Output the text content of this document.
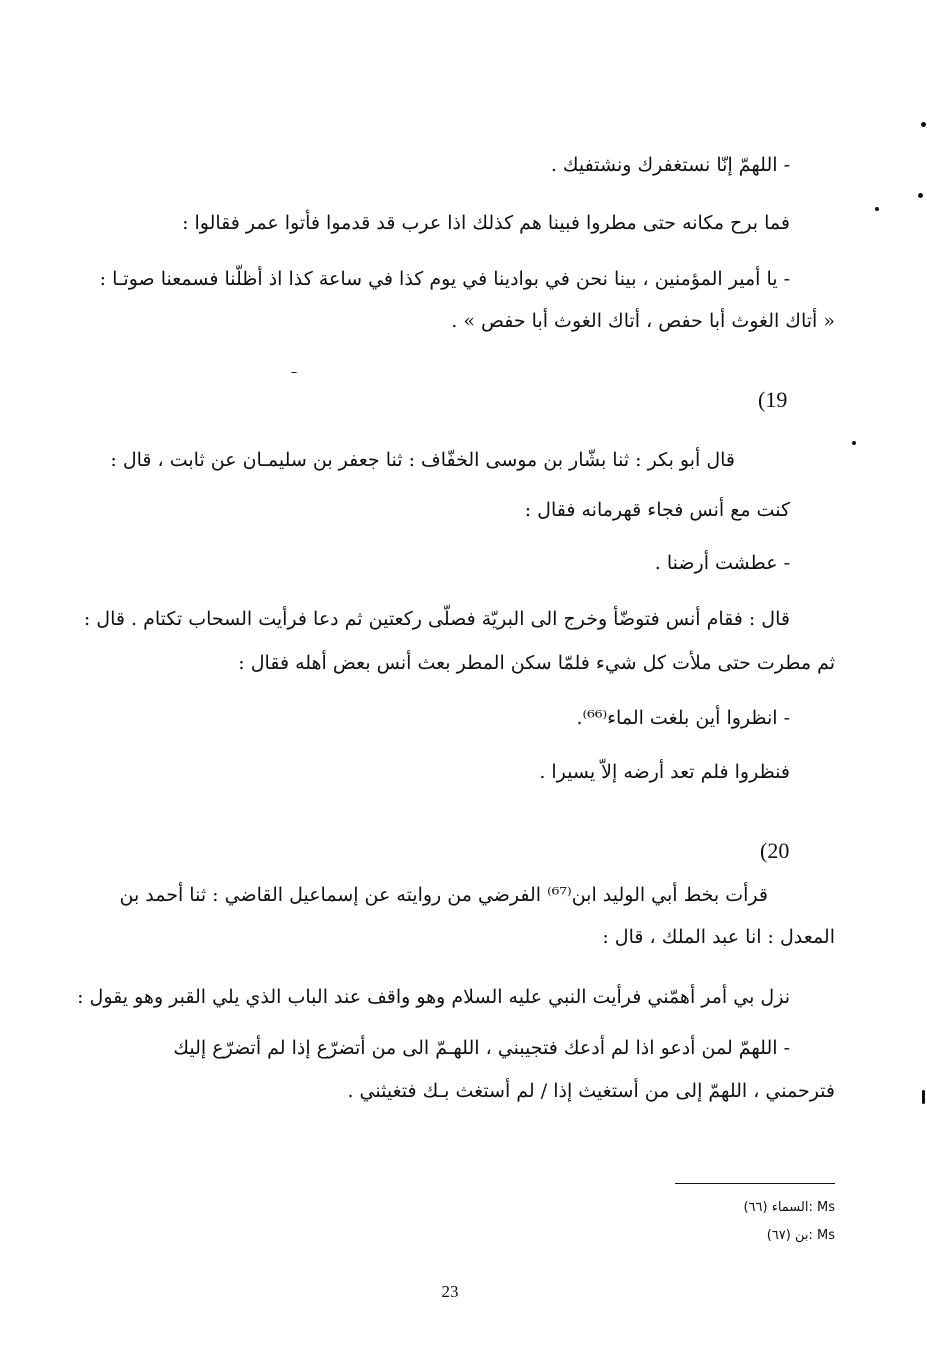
- اللهمّ إنّا نستغفرك ونشتفيك .
فما برح مكانه حتى مطروا فبينا هم كذلك اذا عرب قد قدموا فأتوا عمر فقالوا :
- يا أمير المؤمنين ، بينا نحن في بوادينا في يوم كذا في ساعة كذا اذ أظلّنا فسمعنا صوتـا :
« أتاك الغوث أبا حفص ، أتاك الغوث أبا حفص » .
(19
قال أبو بكر : ثنا بشّار بن موسى الخفّاف : ثنا جعفر بن سليمـان عن ثابت ، قال :
كنت مع أنس فجاء قهرمانه فقال :
- عطشت أرضنا .
قال : فقام أنس فتوضّأ وخرج الى البريّة فصلّى ركعتين ثم دعا فرأيت السحاب تكتام . قال :
ثم مطرت حتى ملأت كل شيء فلمّا سكن المطر بعث أنس بعض أهله فقال :
- انظروا أين بلغت الماء⁽⁶⁶⁾.
فنظروا فلم تعد أرضه إلاّ يسيرا .
(20
قرأت بخط أبي الوليد ابن⁽⁶⁷⁾ الفرضي من روايته عن إسماعيل القاضي : ثنا أحمد بن
المعدل : انا عبد الملك ، قال :
نزل بي أمر أهمّني فرأيت النبي عليه السلام وهو واقف عند الباب الذي يلي القبر وهو يقول :
- اللهمّ لمن أدعو اذا لم أدعك فتجيبني ، اللهـمّ الى من أتضرّع إذا لم أتضرّع إليك
فترحمني ، اللهمّ إلى من أستغيث إذا / لم أستغث بـك فتغيثني .
(٦٦) السماء: Ms
(٦٧) بن: Ms
23
